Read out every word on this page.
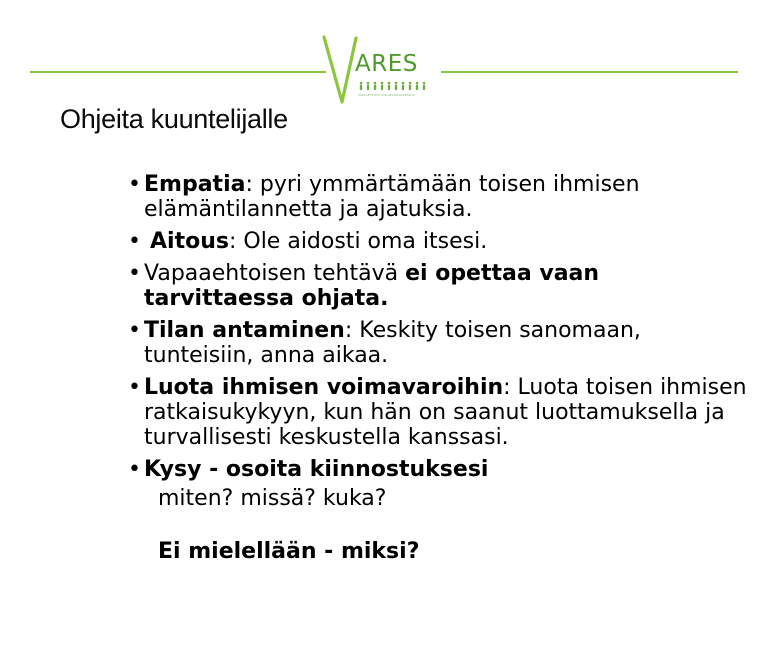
ARES
VAPAAEHTOISTYÖN RESURSSIKESKUS
Ohjeita kuuntelijalle
• Empatia: pyri ymmärtämään toisen ihmisen elämäntilannetta ja ajatuksia.
• Aitous: Ole aidosti oma itsesi.
• Vapaaehtoisen tehtävä ei opettaa vaan tarvittaessa ohjata.
• Tilan antaminen: Keskity toisen sanomaan, tunteisiin, anna aikaa.
• Luota ihmisen voimavaroihin: Luota toisen ihmisen ratkaisukykyyn, kun hän on saanut luottamuksella ja turvallisesti keskustella kanssasi.
• Kysy - osoita kiinnostuksesi
miten? missä? kuka?
Ei mielellään - miksi?
